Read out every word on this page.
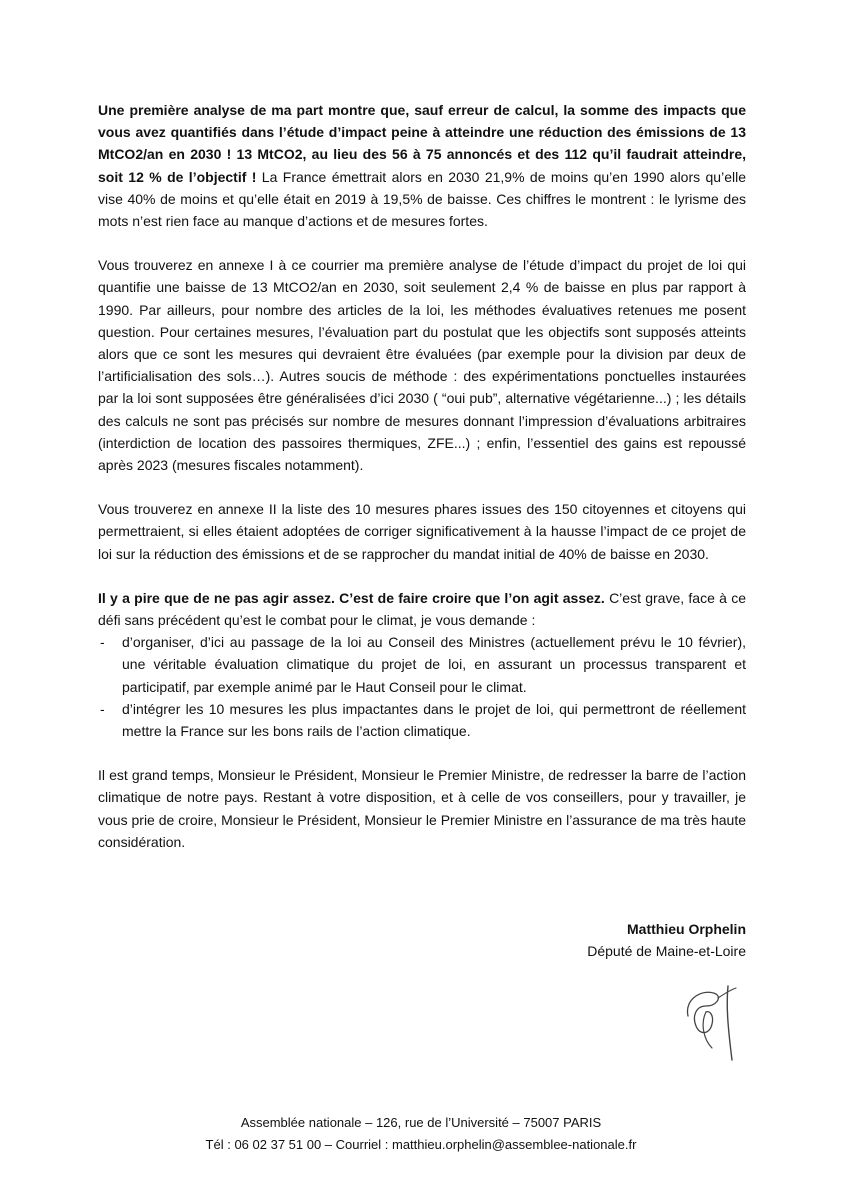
Une première analyse de ma part montre que, sauf erreur de calcul, la somme des impacts que vous avez quantifiés dans l’étude d’impact peine à atteindre une réduction des émissions de 13 MtCO2/an en 2030 ! 13 MtCO2, au lieu des 56 à 75 annoncés et des 112 qu’il faudrait atteindre, soit 12 % de l’objectif ! La France émettrait alors en 2030 21,9% de moins qu’en 1990 alors qu’elle vise 40% de moins et qu’elle était en 2019 à 19,5% de baisse. Ces chiffres le montrent : le lyrisme des mots n’est rien face au manque d’actions et de mesures fortes.

Vous trouverez en annexe I à ce courrier ma première analyse de l’étude d’impact du projet de loi qui quantifie une baisse de 13 MtCO2/an en 2030, soit seulement 2,4 % de baisse en plus par rapport à 1990. Par ailleurs, pour nombre des articles de la loi, les méthodes évaluatives retenues me posent question. Pour certaines mesures, l’évaluation part du postulat que les objectifs sont supposés atteints alors que ce sont les mesures qui devraient être évaluées (par exemple pour la division par deux de l’artificialisation des sols…). Autres soucis de méthode : des expérimentations ponctuelles instaurées par la loi sont supposées être généralisées d’ici 2030 ( “oui pub”, alternative végétarienne...) ; les détails des calculs ne sont pas précisés sur nombre de mesures donnant l’impression d’évaluations arbitraires (interdiction de location des passoires thermiques, ZFE...) ; enfin, l’essentiel des gains est repoussé après 2023 (mesures fiscales notamment).

Vous trouverez en annexe II la liste des 10 mesures phares issues des 150 citoyennes et citoyens qui permettraient, si elles étaient adoptées de corriger significativement à la hausse l’impact de ce projet de loi sur la réduction des émissions et de se rapprocher du mandat initial de 40% de baisse en 2030.

Il y a pire que de ne pas agir assez. C’est de faire croire que l’on agit assez. C’est grave, face à ce défi sans précédent qu’est le combat pour le climat, je vous demande :

- d’organiser, d’ici au passage de la loi au Conseil des Ministres (actuellement prévu le 10 février), une véritable évaluation climatique du projet de loi, en assurant un processus transparent et participatif, par exemple animé par le Haut Conseil pour le climat.
- d’intégrer les 10 mesures les plus impactantes dans le projet de loi, qui permettront de réellement mettre la France sur les bons rails de l’action climatique.

Il est grand temps, Monsieur le Président, Monsieur le Premier Ministre, de redresser la barre de l’action climatique de notre pays. Restant à votre disposition, et à celle de vos conseillers, pour y travailler, je vous prie de croire, Monsieur le Président, Monsieur le Premier Ministre en l’assurance de ma très haute considération.

Matthieu Orphelin
Député de Maine-et-Loire
Assemblée nationale – 126, rue de l’Université – 75007 PARIS
Tél : 06 02 37 51 00 – Courriel : matthieu.orphelin@assemblee-nationale.fr
